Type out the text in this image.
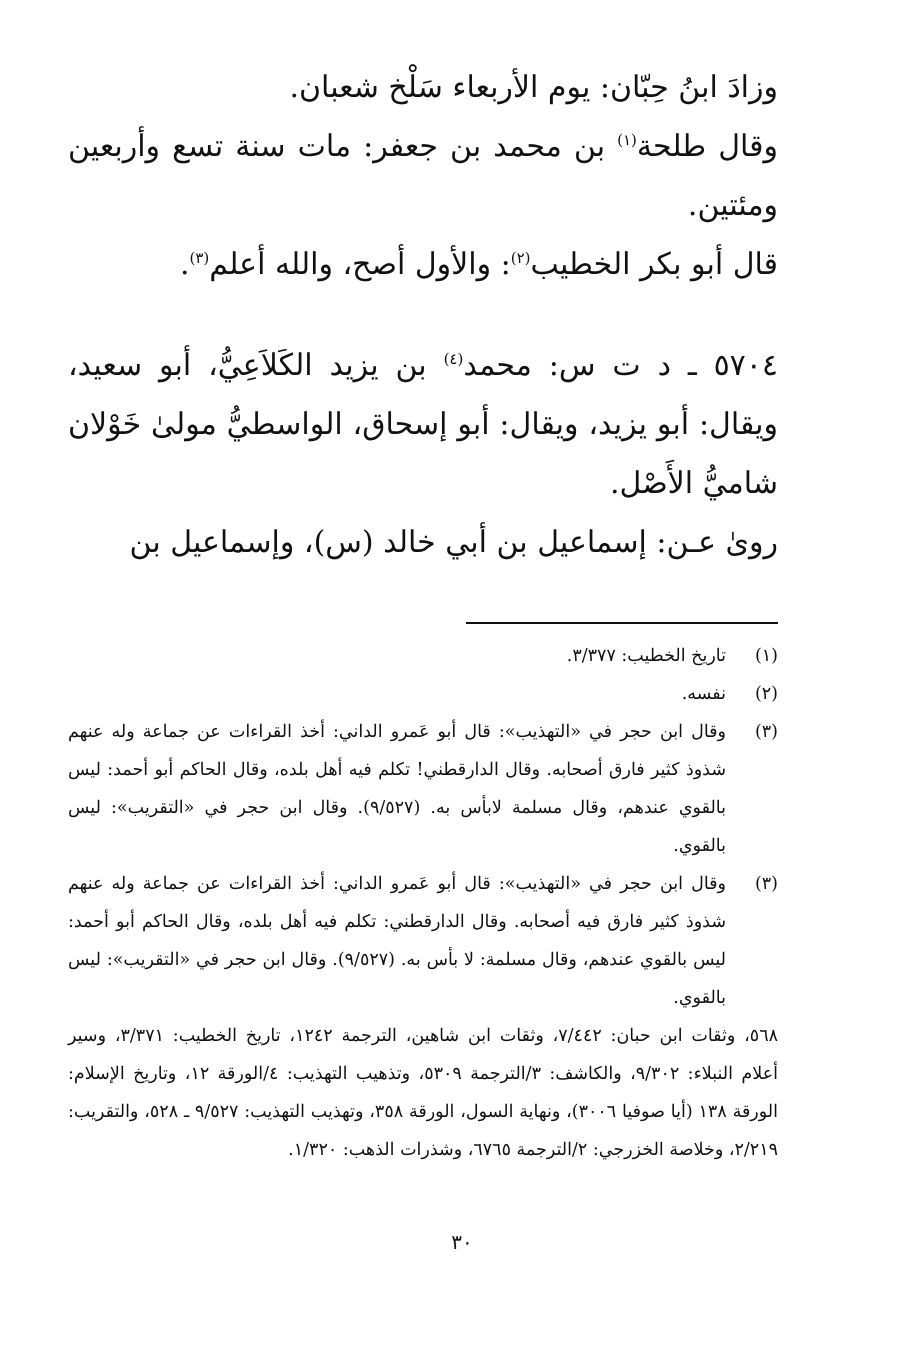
وزادَ ابنُ حِبّان: يوم الأربعاء سَلْخ شعبان.

وقال طلحة$^{(١)}$ بن محمد بن جعفر: مات سنة تسع وأربعين ومئتين.

قال أبو بكر الخطيب$^{(٢)}$: والأول أصح، والله أعلم$^{(٣)}$.

٥٧٠٤ ـ د ت س: محمد$^{(٤)}$ بن يزيد الكَلاَعِيُّ، أبو سعيد، ويقال: أبو يزيد، ويقال: أبو إسحاق، الواسطيُّ مولىٰ خَوْلان شاميُّ الأَصْل.

روىٰ عـن: إسماعيل بن أبي خالد (س)، وإسماعيل بن

(١)

تاريخ الخطيب: ٣/٣٧٧.

(٢)

نفسه.

(٣)

وقال ابن حجر في «التهذيب»: قال أبو عَمرو الداني: أخذ القراءات عن جماعة وله عنهم شذوذ كثير فارق أصحابه. وقال الدارقطني! تكلم فيه أهل بلده، وقال الحاكم أبو أحمد: ليس بالقوي عندهم، وقال مسلمة لابأس به. (٩/٥٢٧). وقال ابن حجر في «التقريب»: ليس بالقوي.

(٣)

وقال ابن حجر في «التهذيب»: قال أبو عَمرو الداني: أخذ القراءات عن جماعة وله عنهم شذوذ كثير فارق فيه أصحابه. وقال الدارقطني: تكلم فيه أهل بلده، وقال الحاكم أبو أحمد: ليس بالقوي عندهم، وقال مسلمة: لا بأس به. (٩/٥٢٧). وقال ابن حجر في «التقريب»: ليس بالقوي.

٥٦٨، وثقات ابن حبان: ٧/٤٤٢، وثقات ابن شاهين، الترجمة ١٢٤٢، تاريخ الخطيب: ٣/٣٧١، وسير أعلام النبلاء: ٩/٣٠٢، والكاشف: ٣/الترجمة ٥٣٠٩، وتذهيب التهذيب: ٤/الورقة ١٢، وتاريخ الإسلام: الورقة ١٣٨ (أيا صوفيا ٣٠٠٦)، ونهاية السول، الورقة ٣٥٨، وتهذيب التهذيب: ٩/٥٢٧ ـ ٥٢٨، والتقريب: ٢/٢١٩، وخلاصة الخزرجي: ٢/الترجمة ٦٧٦٥، وشذرات الذهب: ١/٣٢٠.

٣٠
